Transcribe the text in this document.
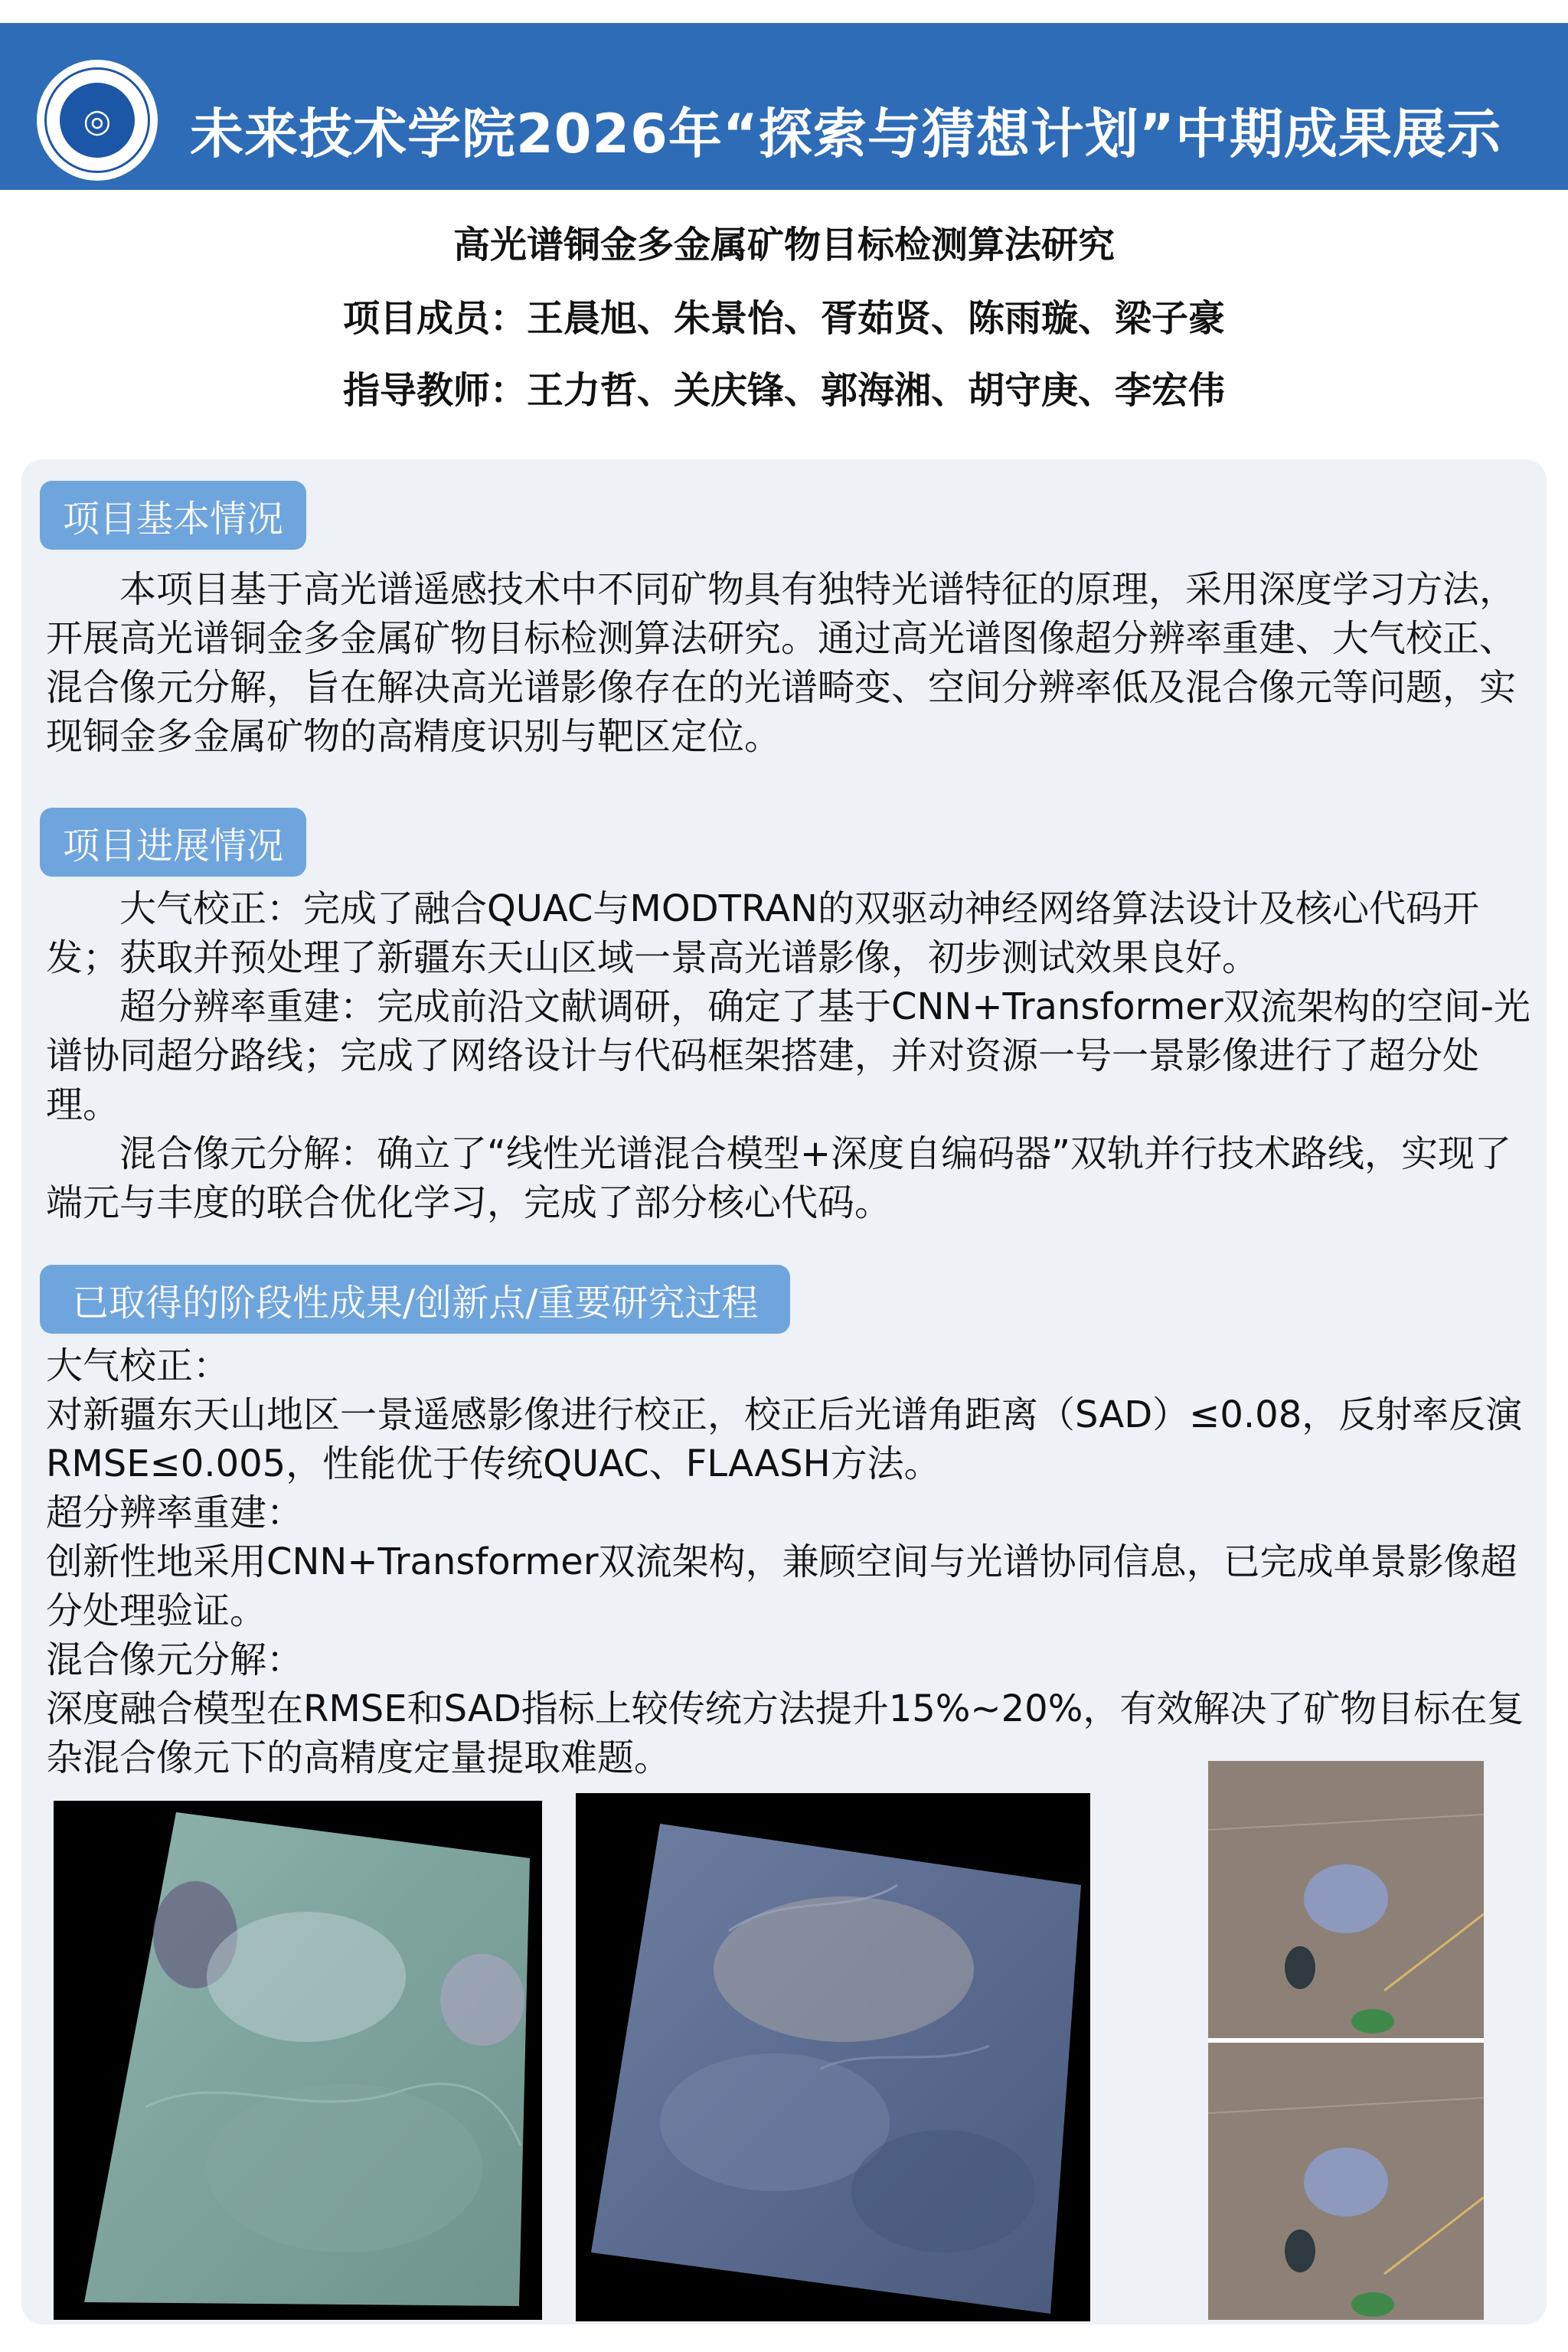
◎	未来技术学院2026年“探索与猜想计划”中期成果展示
高光谱铜金多金属矿物目标检测算法研究
项目成员：王晨旭、朱景怡、胥茹贤、陈雨璇、梁子豪
指导教师：王力哲、关庆锋、郭海湘、胡守庚、李宏伟
项目基本情况

本项目基于高光谱遥感技术中不同矿物具有独特光谱特征的原理，采用深度学习方法，开展高光谱铜金多金属矿物目标检测算法研究。通过高光谱图像超分辨率重建、大气校正、混合像元分解，旨在解决高光谱影像存在的光谱畸变、空间分辨率低及混合像元等问题，实现铜金多金属矿物的高精度识别与靶区定位。

项目进展情况

大气校正：完成了融合QUAC与MODTRAN的双驱动神经网络算法设计及核心代码开发；获取并预处理了新疆东天山区域一景高光谱影像，初步测试效果良好。

超分辨率重建：完成前沿文献调研，确定了基于CNN+Transformer双流架构的空间-光谱协同超分路线；完成了网络设计与代码框架搭建，并对资源一号一景影像进行了超分处理。

混合像元分解：确立了“线性光谱混合模型+深度自编码器”双轨并行技术路线，实现了端元与丰度的联合优化学习，完成了部分核心代码。

已取得的阶段性成果/创新点/重要研究过程

大气校正：

对新疆东天山地区一景遥感影像进行校正，校正后光谱角距离（SAD）≤0.08，反射率反演RMSE≤0.005，性能优于传统QUAC、FLAASH方法。

超分辨率重建：

创新性地采用CNN+Transformer双流架构，兼顾空间与光谱协同信息，已完成单景影像超分处理验证。

混合像元分解：

深度融合模型在RMSE和SAD指标上较传统方法提升15%~20%，有效解决了矿物目标在复杂混合像元下的高精度定量提取难题。
